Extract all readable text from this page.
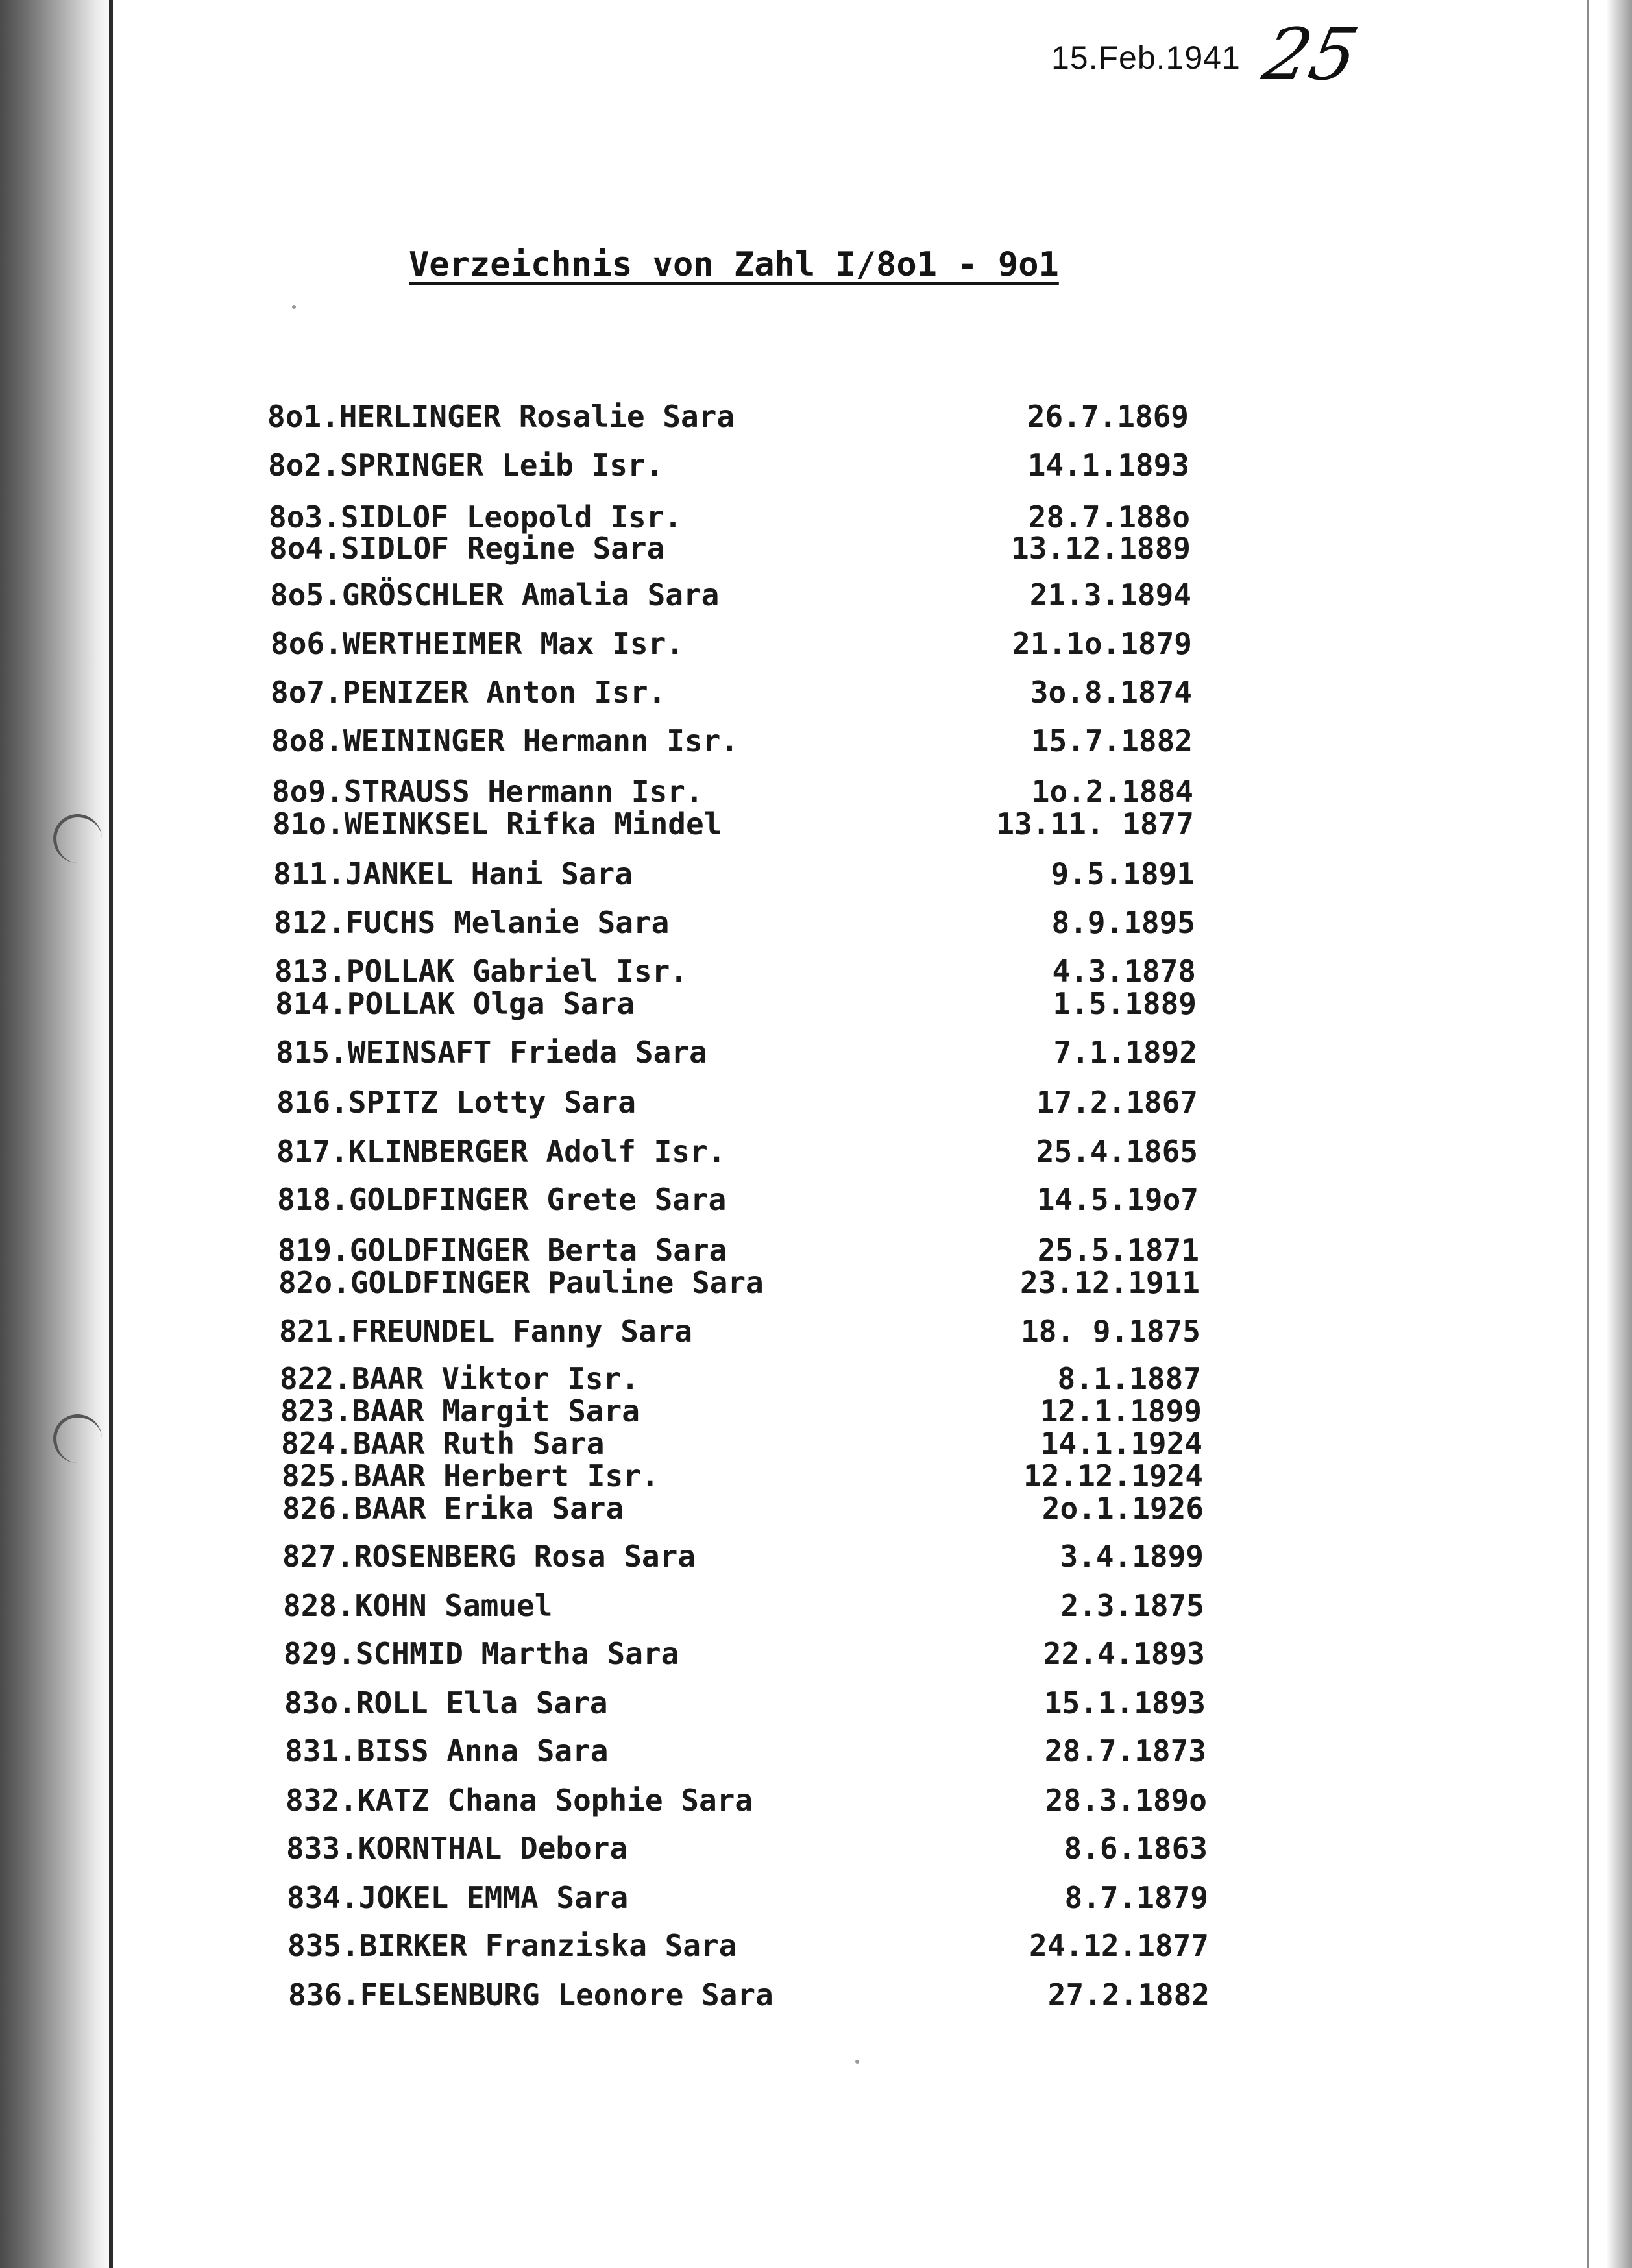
15.Feb.1941 25
Verzeichnis von Zahl I/8o1 - 9o1
8o1.HERLINGER Rosalie Sara	26.7.1869
8o2.SPRINGER Leib Isr.	14.1.1893
8o3.SIDLOF Leopold Isr.	28.7.188o
8o4.SIDLOF Regine Sara	13.12.1889
8o5.GRÖSCHLER Amalia Sara	21.3.1894
8o6.WERTHEIMER Max Isr.	21.1o.1879
8o7.PENIZER Anton Isr.	3o.8.1874
8o8.WEININGER Hermann Isr.	15.7.1882
8o9.STRAUSS Hermann Isr.	1o.2.1884
81o.WEINKSEL Rifka Mindel	13.11. 1877
811.JANKEL Hani Sara	9.5.1891
812.FUCHS Melanie Sara	8.9.1895
813.POLLAK Gabriel Isr.	4.3.1878
814.POLLAK Olga Sara	1.5.1889
815.WEINSAFT Frieda Sara	7.1.1892
816.SPITZ Lotty Sara	17.2.1867
817.KLINBERGER Adolf Isr.	25.4.1865
818.GOLDFINGER Grete Sara	14.5.19o7
819.GOLDFINGER Berta Sara	25.5.1871
82o.GOLDFINGER Pauline Sara	23.12.1911
821.FREUNDEL Fanny Sara	18. 9.1875
822.BAAR Viktor Isr.	8.1.1887
823.BAAR Margit Sara	12.1.1899
824.BAAR Ruth Sara	14.1.1924
825.BAAR Herbert Isr.	12.12.1924
826.BAAR Erika Sara	2o.1.1926
827.ROSENBERG Rosa Sara	3.4.1899
828.KOHN Samuel	2.3.1875
829.SCHMID Martha Sara	22.4.1893
83o.ROLL Ella Sara	15.1.1893
831.BISS Anna Sara	28.7.1873
832.KATZ Chana Sophie Sara	28.3.189o
833.KORNTHAL Debora	8.6.1863
834.JOKEL EMMA Sara	8.7.1879
835.BIRKER Franziska Sara	24.12.1877
836.FELSENBURG Leonore Sara	27.2.1882
